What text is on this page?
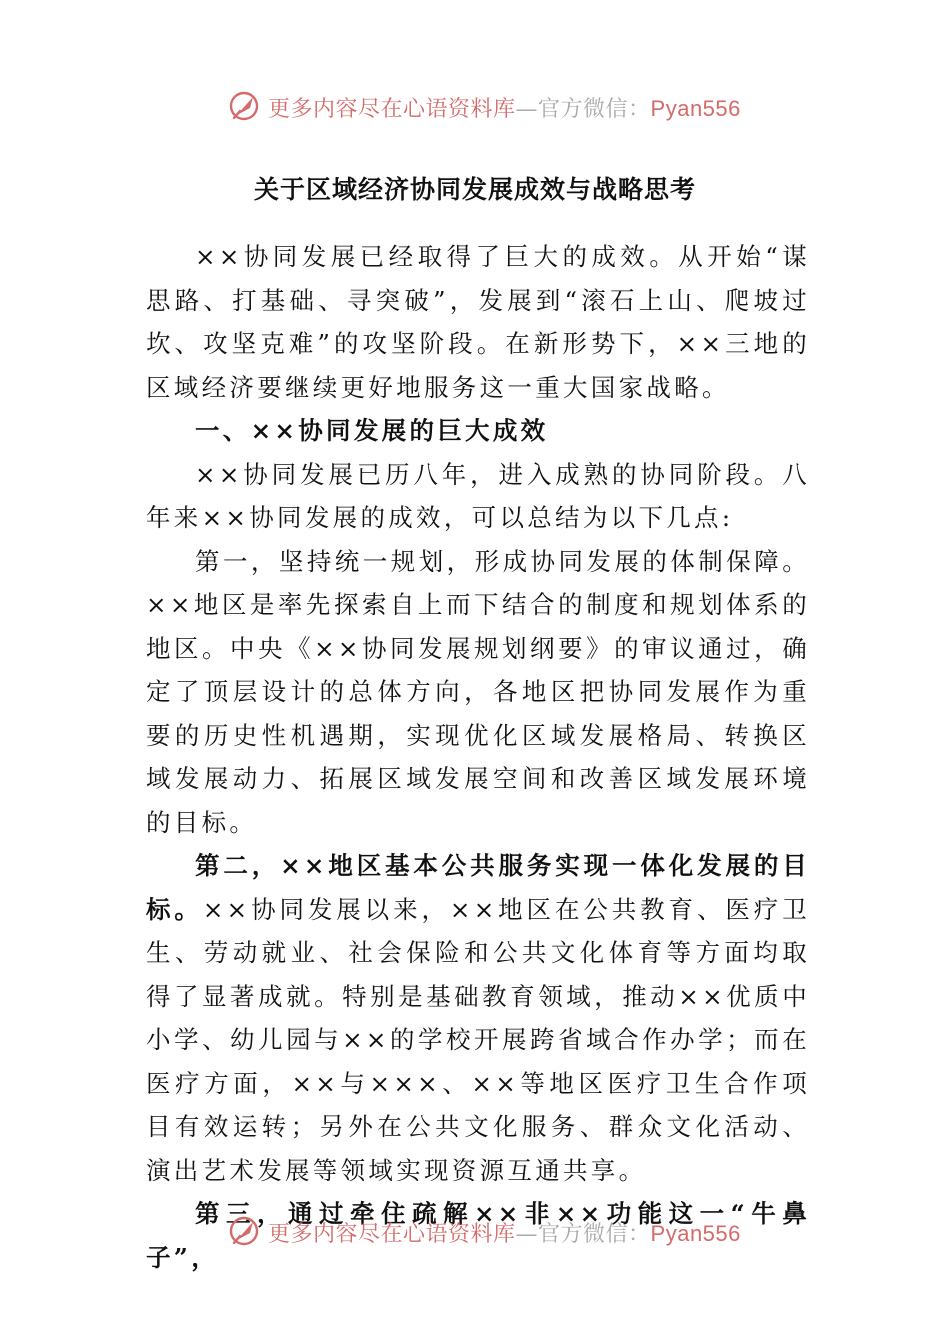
更多内容尽在心语资料库—官方微信：Pyan556
关于区域经济协同发展成效与战略思考

××协同发展已经取得了巨大的成效。从开始“谋思路、打基础、寻突破”，发展到“滚石上山、爬坡过坎、攻坚克难”的攻坚阶段。在新形势下，××三地的区域经济要继续更好地服务这一重大国家战略。

一、××协同发展的巨大成效

××协同发展已历八年，进入成熟的协同阶段。八年来××协同发展的成效，可以总结为以下几点:

第一，坚持统一规划，形成协同发展的体制保障。××地区是率先探索自上而下结合的制度和规划体系的地区。中央《××协同发展规划纲要》的审议通过，确定了顶层设计的总体方向，各地区把协同发展作为重要的历史性机遇期，实现优化区域发展格局、转换区域发展动力、拓展区域发展空间和改善区域发展环境的目标。

第二，××地区基本公共服务实现一体化发展的目标。××协同发展以来，××地区在公共教育、医疗卫生、劳动就业、社会保险和公共文化体育等方面均取得了显著成就。特别是基础教育领域，推动××优质中小学、幼儿园与××的学校开展跨省域合作办学；而在医疗方面，××与×××、××等地区医疗卫生合作项目有效运转；另外在公共文化服务、群众文化活动、演出艺术发展等领域实现资源互通共享。

第三，通过牵住疏解××非××功能这一“牛鼻子”，

更多内容尽在心语资料库—官方微信：Pyan556
